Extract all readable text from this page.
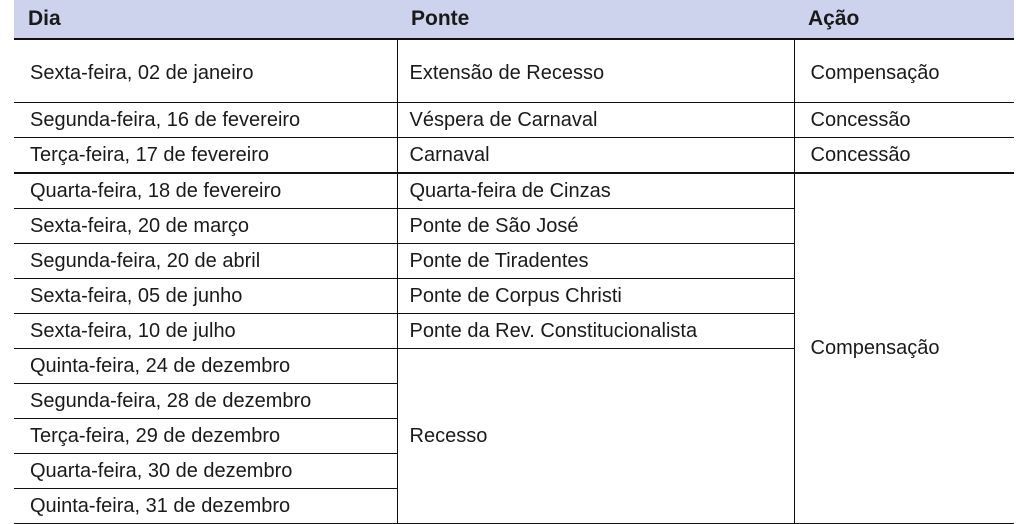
Dia	Ponte	Ação
Sexta-feira, 02 de janeiro	Extensão de Recesso	Compensação
Segunda-feira, 16 de fevereiro	Véspera de Carnaval	Concessão
Terça-feira, 17 de fevereiro	Carnaval	Concessão
Quarta-feira, 18 de fevereiro	Quarta-feira de Cinzas	Compensação
Sexta-feira, 20 de março	Ponte de São José	
Segunda-feira, 20 de abril	Ponte de Tiradentes	
Sexta-feira, 05 de junho	Ponte de Corpus Christi	
Sexta-feira, 10 de julho	Ponte da Rev. Constitucionalista	
Quinta-feira, 24 de dezembro	Recesso	
Segunda-feira, 28 de dezembro		
Terça-feira, 29 de dezembro		
Quarta-feira, 30 de dezembro		
Quinta-feira, 31 de dezembro		
